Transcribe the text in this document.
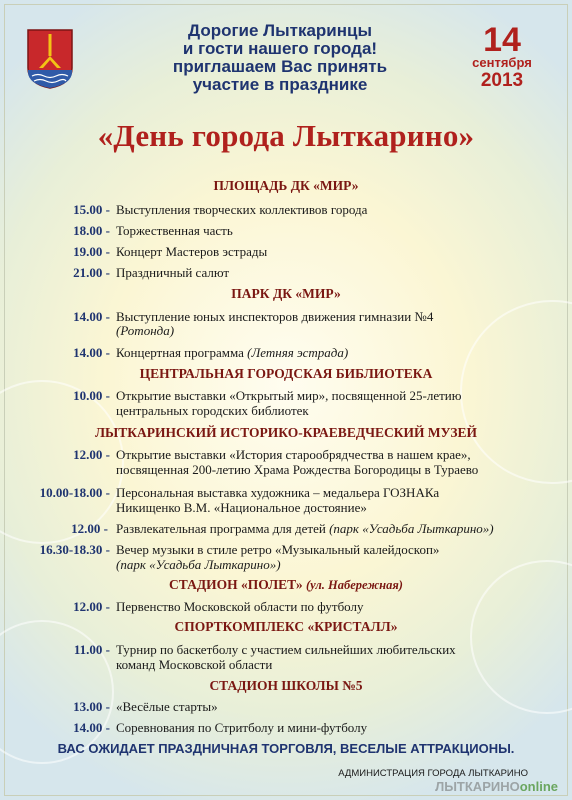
Дорогие Лыткаринцы
и гости нашего города!
приглашаем Вас принять
участие в празднике
14
сентября
2013
«День города Лыткарино»
ПЛОЩАДЬ ДК «МИР»
15.00 - Выступления творческих коллективов города
18.00 - Торжественная часть
19.00 - Концерт Мастеров эстрады
21.00 - Праздничный салют
ПАРК ДК «МИР»
14.00 - Выступление юных инспекторов движения гимназии №4
(Ротонда)
14.00 - Концертная программа (Летняя эстрада)
ЦЕНТРАЛЬНАЯ ГОРОДСКАЯ БИБЛИОТЕКА
10.00 - Открытие выставки «Открытый мир», посвященной 25-летию
центральных городских библиотек
ЛЫТКАРИНСКИЙ ИСТОРИКО-КРАЕВЕДЧЕСКИЙ МУЗЕЙ
12.00 - Открытие выставки «История старообрядчества в нашем крае»,
посвященная 200-летию Храма Рождества Богородицы в Тураево
10.00-18.00 - Персональная выставка художника – медальера ГОЗНАКа
Никищенко В.М. «Национальное достояние»
12.00 - Развлекательная программа для детей (парк «Усадьба Лыткарино»)
16.30-18.30 - Вечер музыки в стиле ретро «Музыкальный калейдоскоп»
(парк «Усадьба Лыткарино»)
СТАДИОН «ПОЛЕТ» (ул. Набережная)
12.00 - Первенство Московской области по футболу
СПОРТКОМПЛЕКС «КРИСТАЛЛ»
11.00 - Турнир по баскетболу с участием сильнейших любительских
команд Московской области
СТАДИОН ШКОЛЫ №5
13.00 - «Весёлые старты»
14.00 - Соревнования по Стритболу и мини-футболу
ВАС ОЖИДАЕТ ПРАЗДНИЧНАЯ ТОРГОВЛЯ, ВЕСЕЛЫЕ АТТРАКЦИОНЫ.
АДМИНИСТРАЦИЯ ГОРОДА ЛЫТКАРИНО
ЛЫТКАРИНОonline
